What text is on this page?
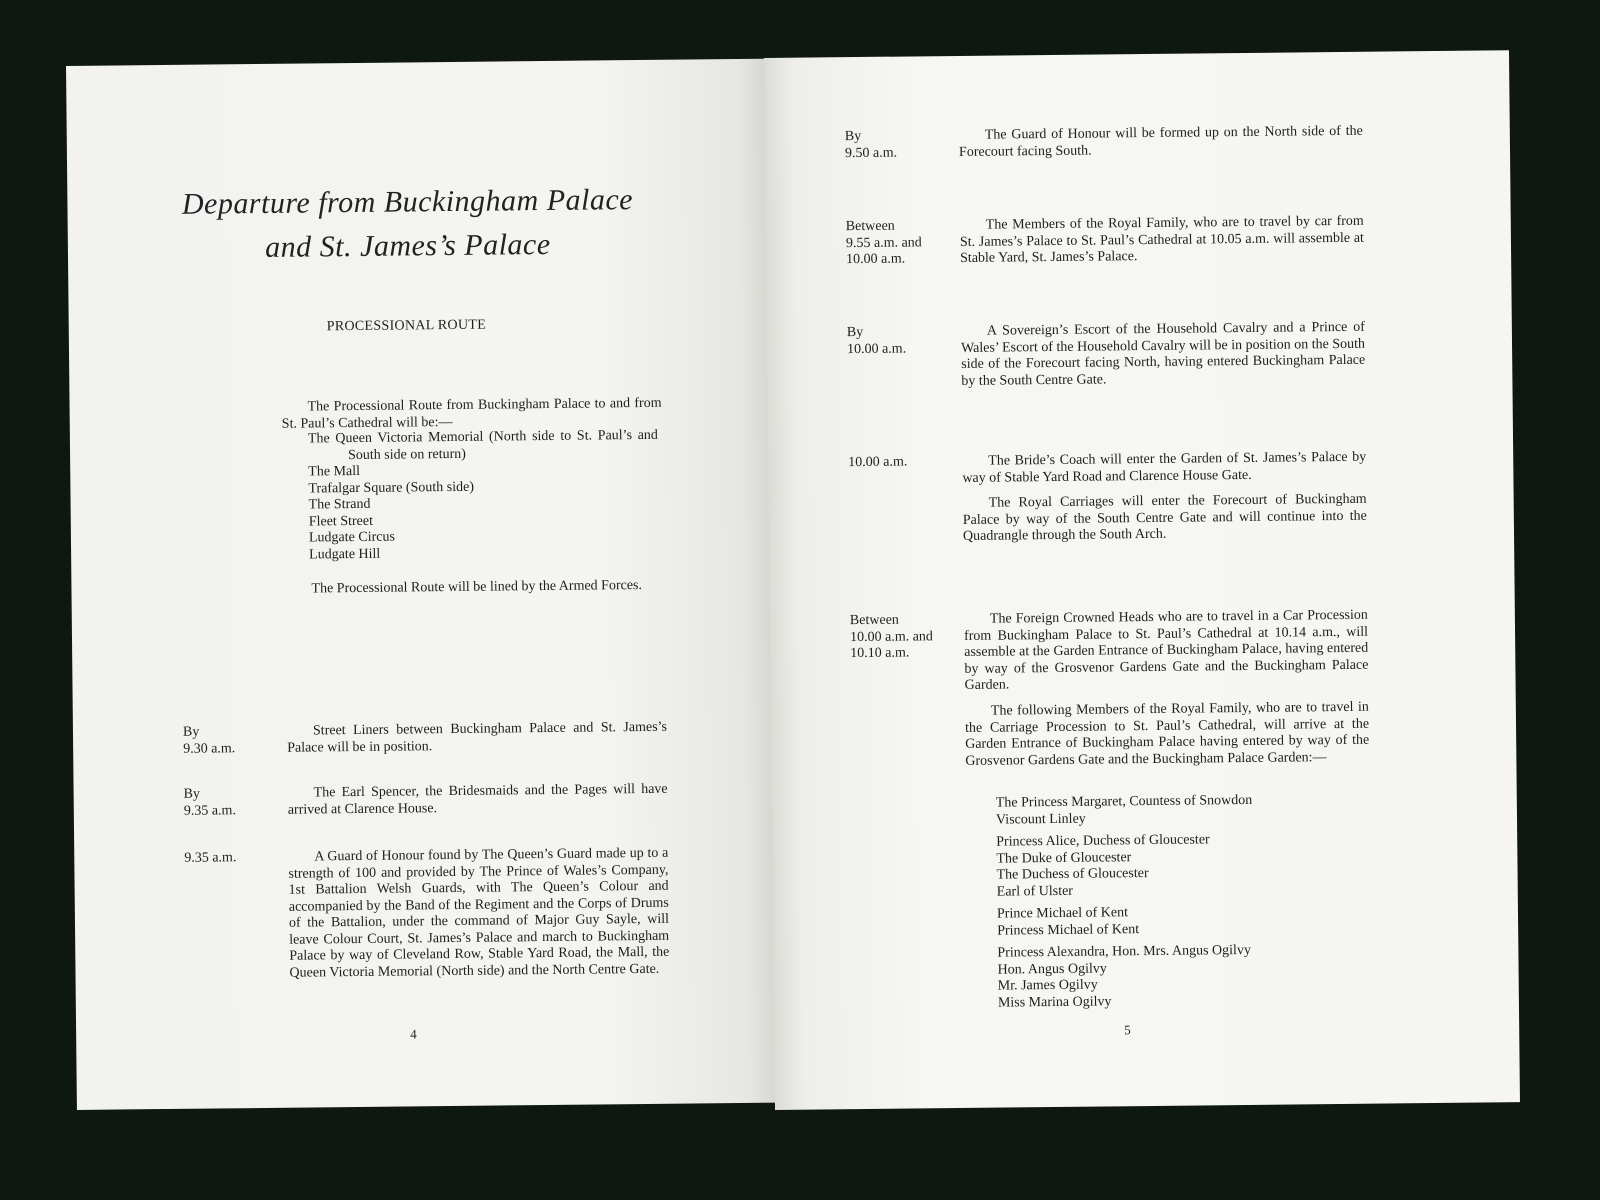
Departure from Buckingham Palace
and St. James’s Palace
PROCESSIONAL ROUTE
The Processional Route from Buckingham Palace to and from St. Paul’s Cathedral will be:—
The Queen Victoria Memorial (North side to St. Paul’s and South side on return)
The Mall
Trafalgar Square (South side)
The Strand
Fleet Street
Ludgate Circus
Ludgate Hill
The Processional Route will be lined by the Armed Forces.
By
9.30 a.m.
Street Liners between Buckingham Palace and St. James’s Palace will be in position.
By
9.35 a.m.
The Earl Spencer, the Bridesmaids and the Pages will have arrived at Clarence House.
9.35 a.m.	A Guard of Honour found by The Queen’s Guard made up to a strength of 100 and provided by The Prince of Wales’s Company, 1st Battalion Welsh Guards, with The Queen’s Colour and accompanied by the Band of the Regiment and the Corps of Drums of the Battalion, under the command of Major Guy Sayle, will leave Colour Court, St. James’s Palace and march to Buckingham Palace by way of Cleveland Row, Stable Yard Road, the Mall, the Queen Victoria Memorial (North side) and the North Centre Gate.
4
By
9.50 a.m.
The Guard of Honour will be formed up on the North side of the Forecourt facing South.
Between
9.55 a.m. and
10.00 a.m.
The Members of the Royal Family, who are to travel by car from St. James’s Palace to St. Paul’s Cathedral at 10.05 a.m. will assemble at Stable Yard, St. James’s Palace.
By
10.00 a.m.
A Sovereign’s Escort of the Household Cavalry and a Prince of Wales’ Escort of the Household Cavalry will be in position on the South side of the Forecourt facing North, having entered Buckingham Palace by the South Centre Gate.
10.00 a.m.	The Bride’s Coach will enter the Garden of St. James’s Palace by way of Stable Yard Road and Clarence House Gate.
The Royal Carriages will enter the Forecourt of Buckingham Palace by way of the South Centre Gate and will continue into the Quadrangle through the South Arch.
Between
10.00 a.m. and
10.10 a.m.
The Foreign Crowned Heads who are to travel in a Car Procession from Buckingham Palace to St. Paul’s Cathedral at 10.14 a.m., will assemble at the Garden Entrance of Buckingham Palace, having entered by way of the Grosvenor Gardens Gate and the Buckingham Palace Garden.
The following Members of the Royal Family, who are to travel in the Carriage Procession to St. Paul’s Cathedral, will arrive at the Garden Entrance of Buckingham Palace having entered by way of the Grosvenor Gardens Gate and the Buckingham Palace Garden:—
The Princess Margaret, Countess of Snowdon
Viscount Linley
Princess Alice, Duchess of Gloucester
The Duke of Gloucester
The Duchess of Gloucester
Earl of Ulster
Prince Michael of Kent
Princess Michael of Kent
Princess Alexandra, Hon. Mrs. Angus Ogilvy
Hon. Angus Ogilvy
Mr. James Ogilvy
Miss Marina Ogilvy
5
